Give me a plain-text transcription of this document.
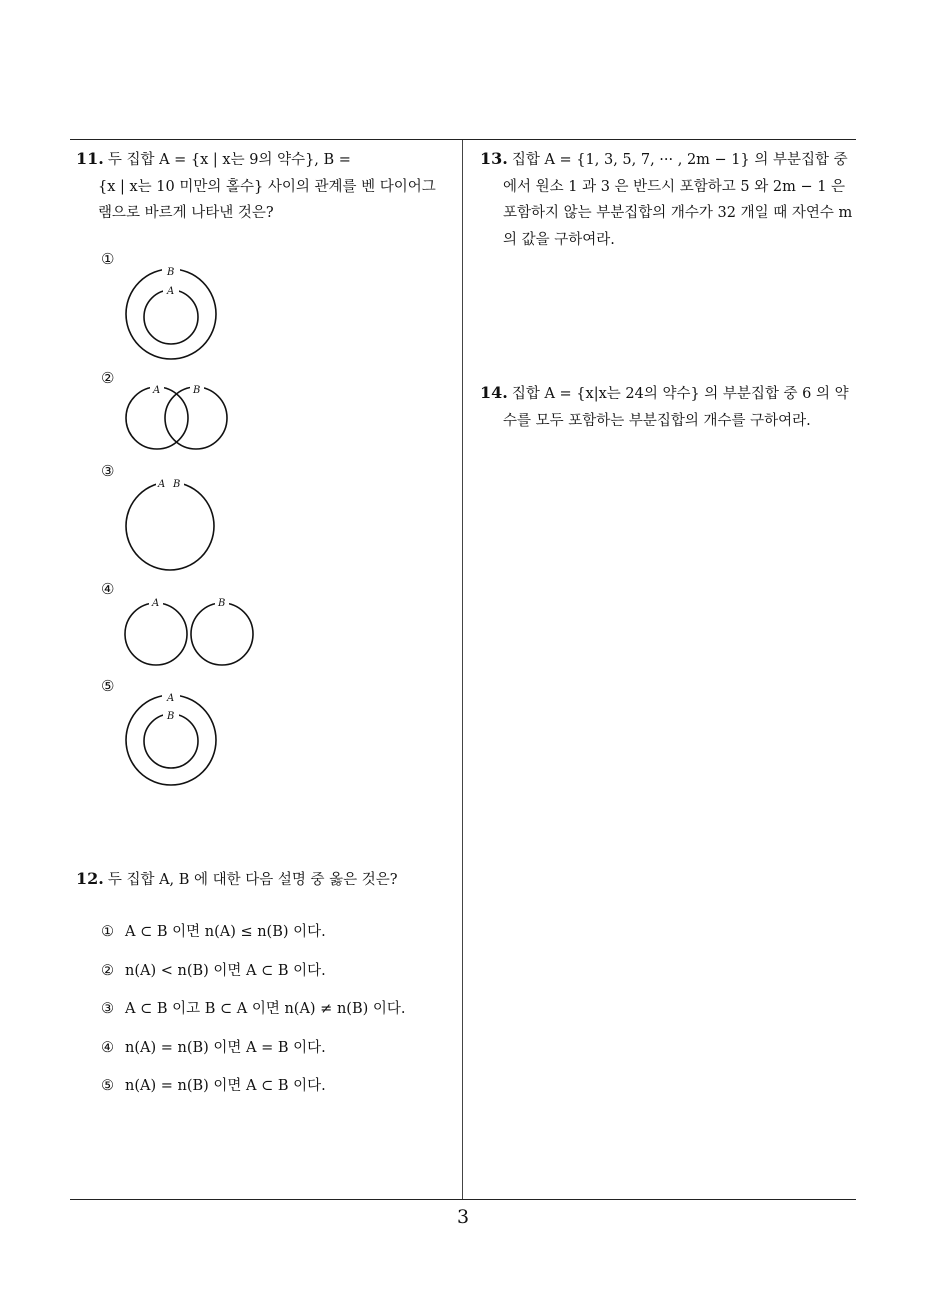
11. 두 집합 A = {x | x는 9의 약수}, B =
{x | x는 10 미만의 홀수} 사이의 관계를 벤 다이어그
램으로 바르게 나타낸 것은?
①
B
A
②
A	B
③
A B
④
A	B
⑤
A
B
12. 두 집합 A, B 에 대한 다음 설명 중 옳은 것은?
① A ⊂ B 이면 n(A) ≤ n(B) 이다.
② n(A) < n(B) 이면 A ⊂ B 이다.
③ A ⊂ B 이고 B ⊂ A 이면 n(A) ≠ n(B) 이다.
④ n(A) = n(B) 이면 A = B 이다.
⑤ n(A) = n(B) 이면 A ⊂ B 이다.
13. 집합 A = {1, 3, 5, 7, ··· , 2m − 1} 의 부분집합 중
에서 원소 1 과 3 은 반드시 포함하고 5 와 2m − 1 은
포함하지 않는 부분집합의 개수가 32 개일 때 자연수 m
의 값을 구하여라.
14. 집합 A = {x|x는 24의 약수} 의 부분집합 중 6 의 약
수를 모두 포함하는 부분집합의 개수를 구하여라.
3
